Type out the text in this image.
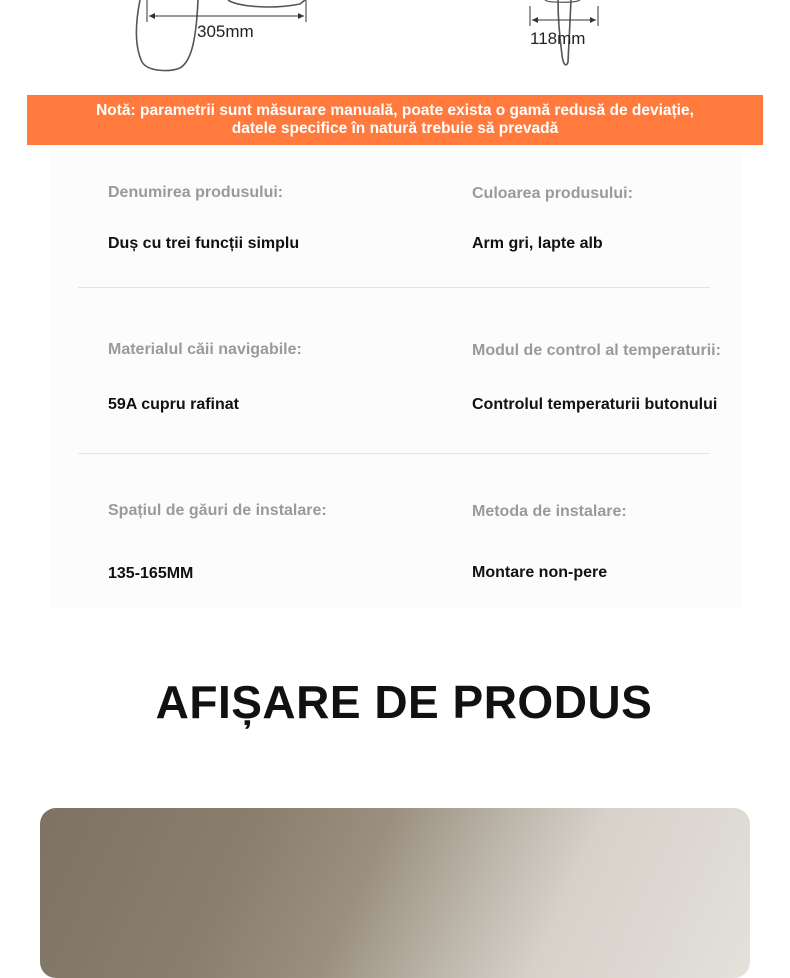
305mm	118mm
Notă: parametrii sunt măsurare manuală, poate exista o gamă redusă de deviație, datele specifice în natură trebuie să prevadă
Denumirea produsului:
Duș cu trei funcții simplu
Culoarea produsului:
Arm gri, lapte alb
Materialul căii navigabile:
59A cupru rafinat
Modul de control al temperaturii:
Controlul temperaturii butonului
Spațiul de găuri de instalare:
135-165MM
Metoda de instalare:
Montare non-pere
AFIȘARE DE PRODUS
